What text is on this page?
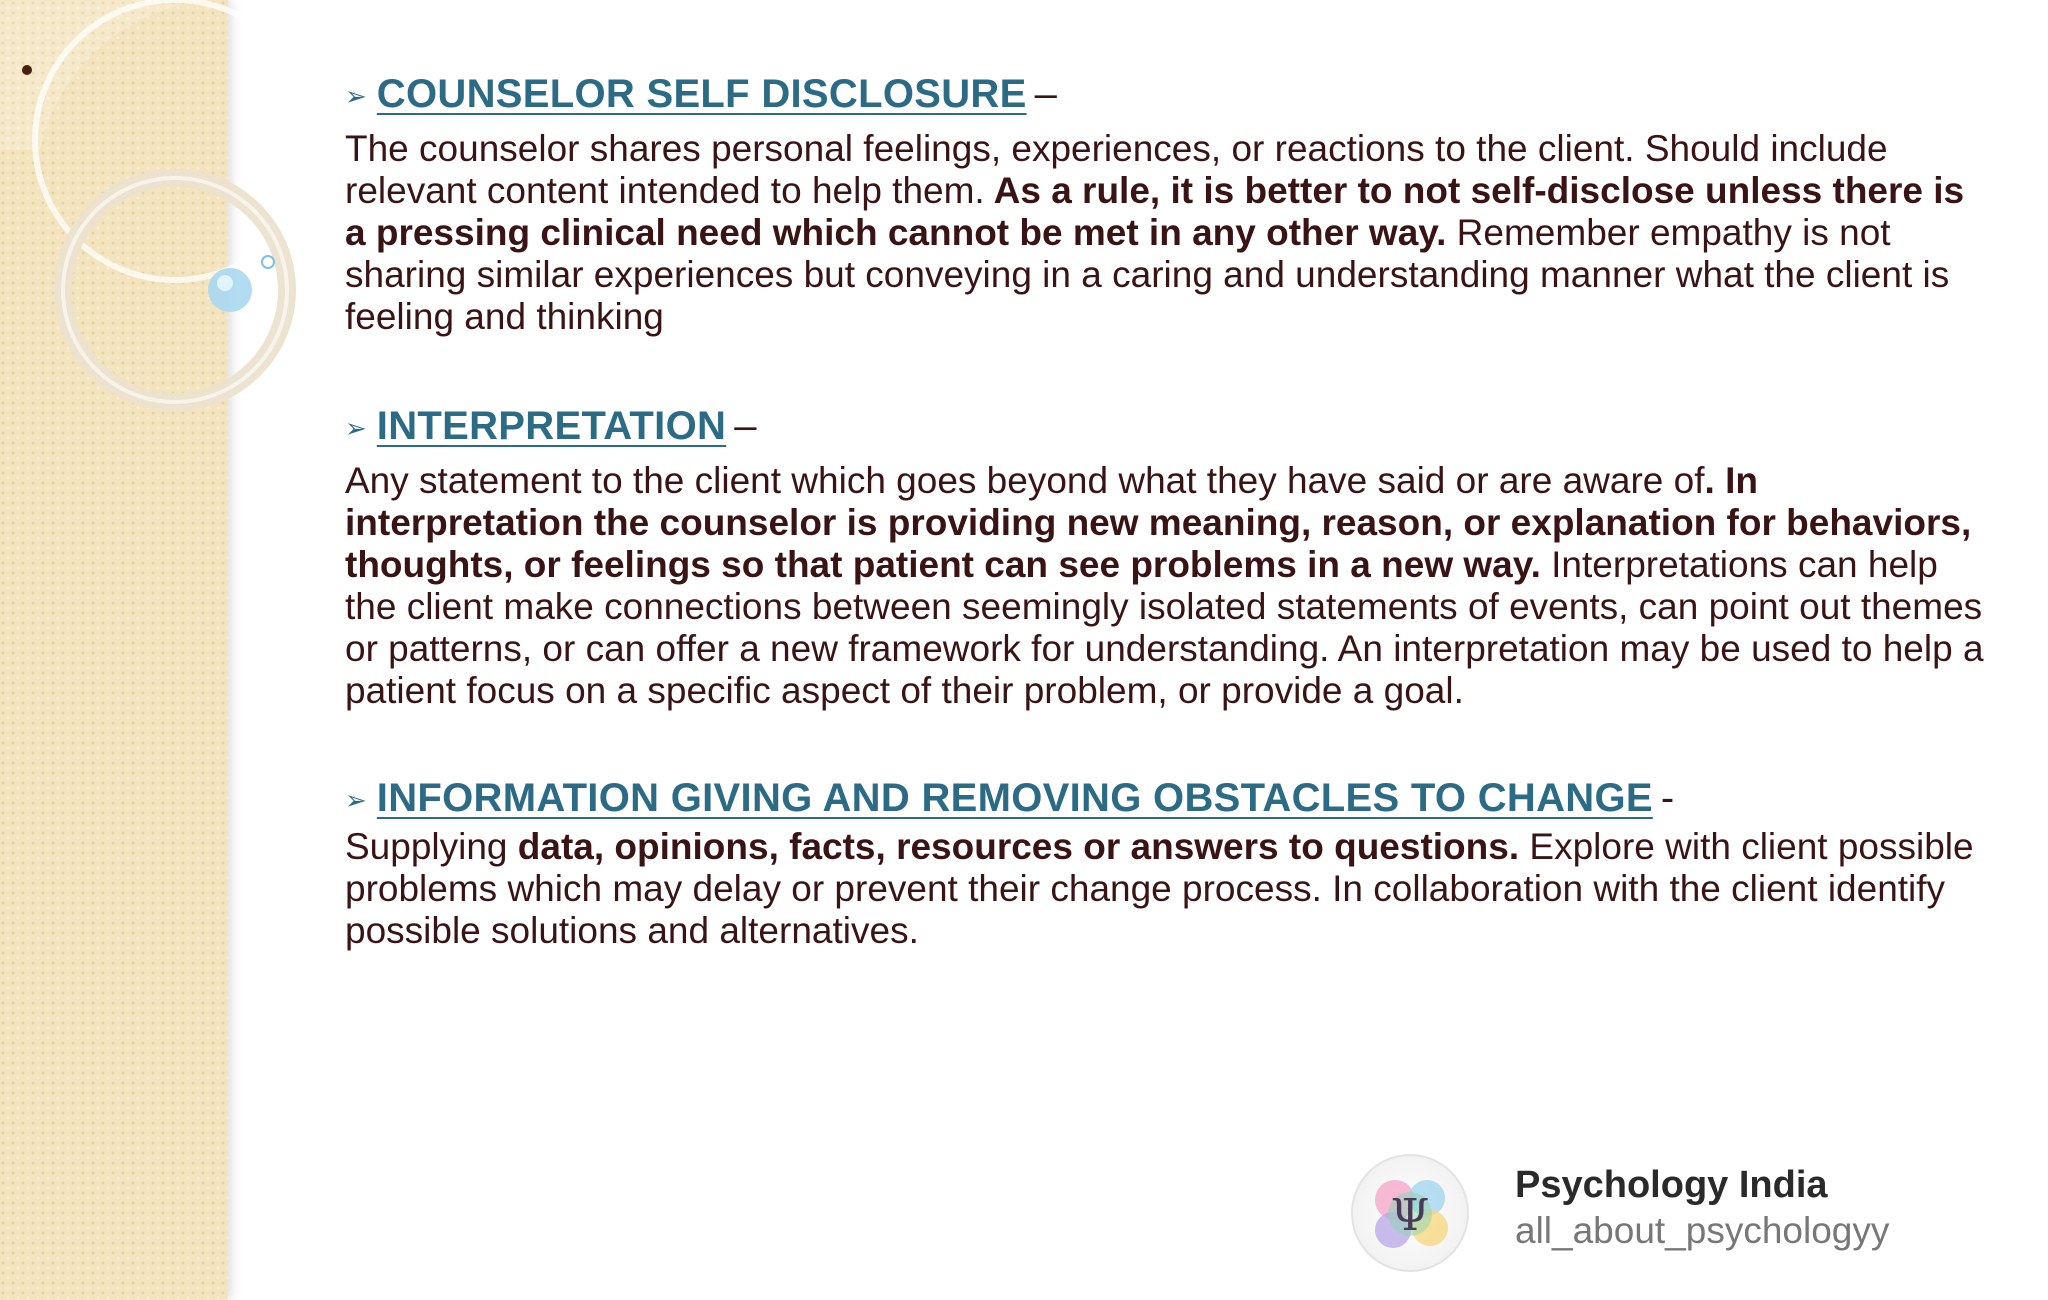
➢ COUNSELOR SELF DISCLOSURE –
The counselor shares personal feelings, experiences, or reactions to the client. Should include relevant content intended to help them. As a rule, it is better to not self-disclose unless there is a pressing clinical need which cannot be met in any other way. Remember empathy is not sharing similar experiences but conveying in a caring and understanding manner what the client is feeling and thinking
➢ INTERPRETATION –
Any statement to the client which goes beyond what they have said or are aware of. In interpretation the counselor is providing new meaning, reason, or explanation for behaviors, thoughts, or feelings so that patient can see problems in a new way. Interpretations can help the client make connections between seemingly isolated statements of events, can point out themes or patterns, or can offer a new framework for understanding. An interpretation may be used to help a patient focus on a specific aspect of their problem, or provide a goal.
➢ INFORMATION GIVING AND REMOVING OBSTACLES TO CHANGE -
Supplying data, opinions, facts, resources or answers to questions. Explore with client possible problems which may delay or prevent their change process. In collaboration with the client identify possible solutions and alternatives.
Ψ
Psychology India
all_about_psychologyy
